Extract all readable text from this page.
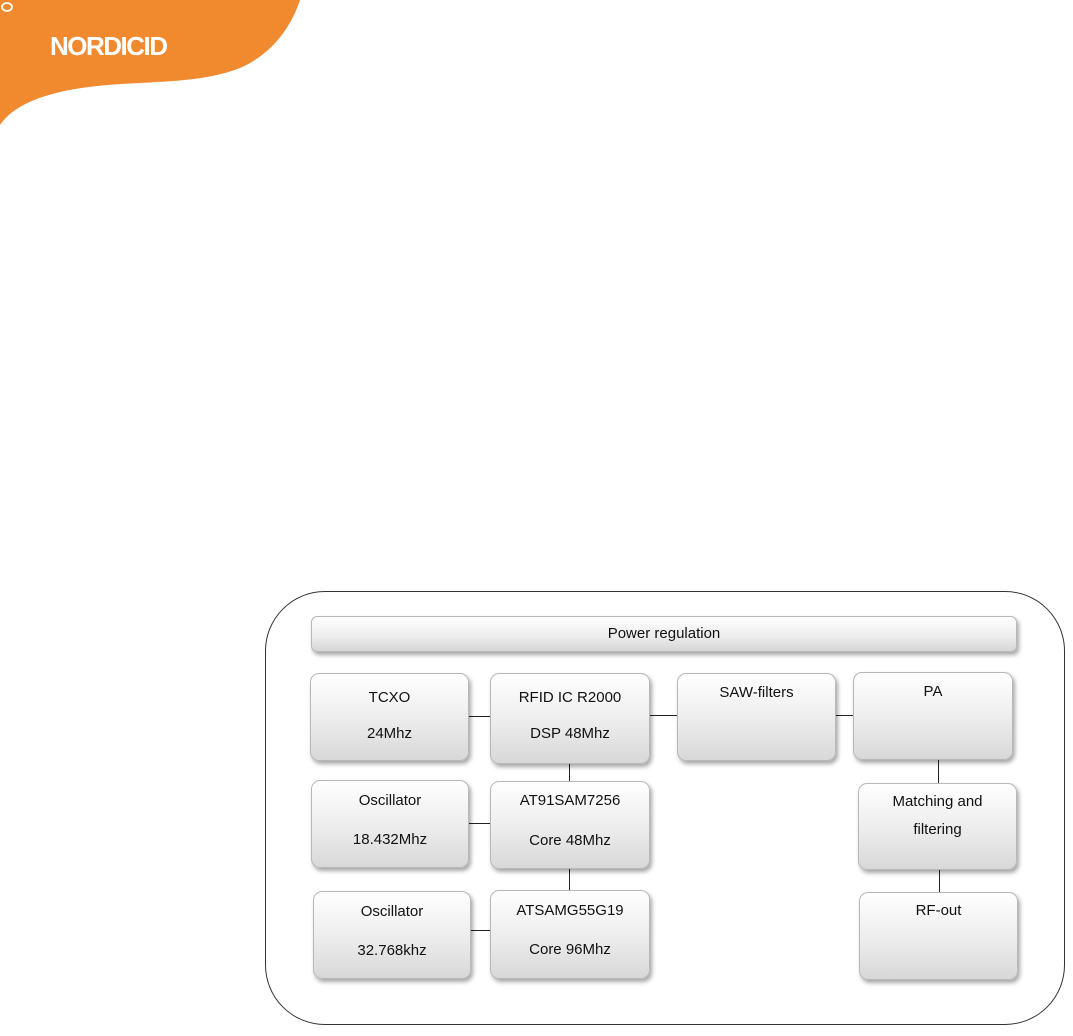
NORDICID
Power regulation
TCXO
24Mhz
RFID IC R2000
DSP 48Mhz
SAW-filters	PA
Oscillator
18.432Mhz
AT91SAM7256
Core 48Mhz
Matching and
filtering
Oscillator
32.768khz
ATSAMG55G19
Core 96Mhz
RF-out
